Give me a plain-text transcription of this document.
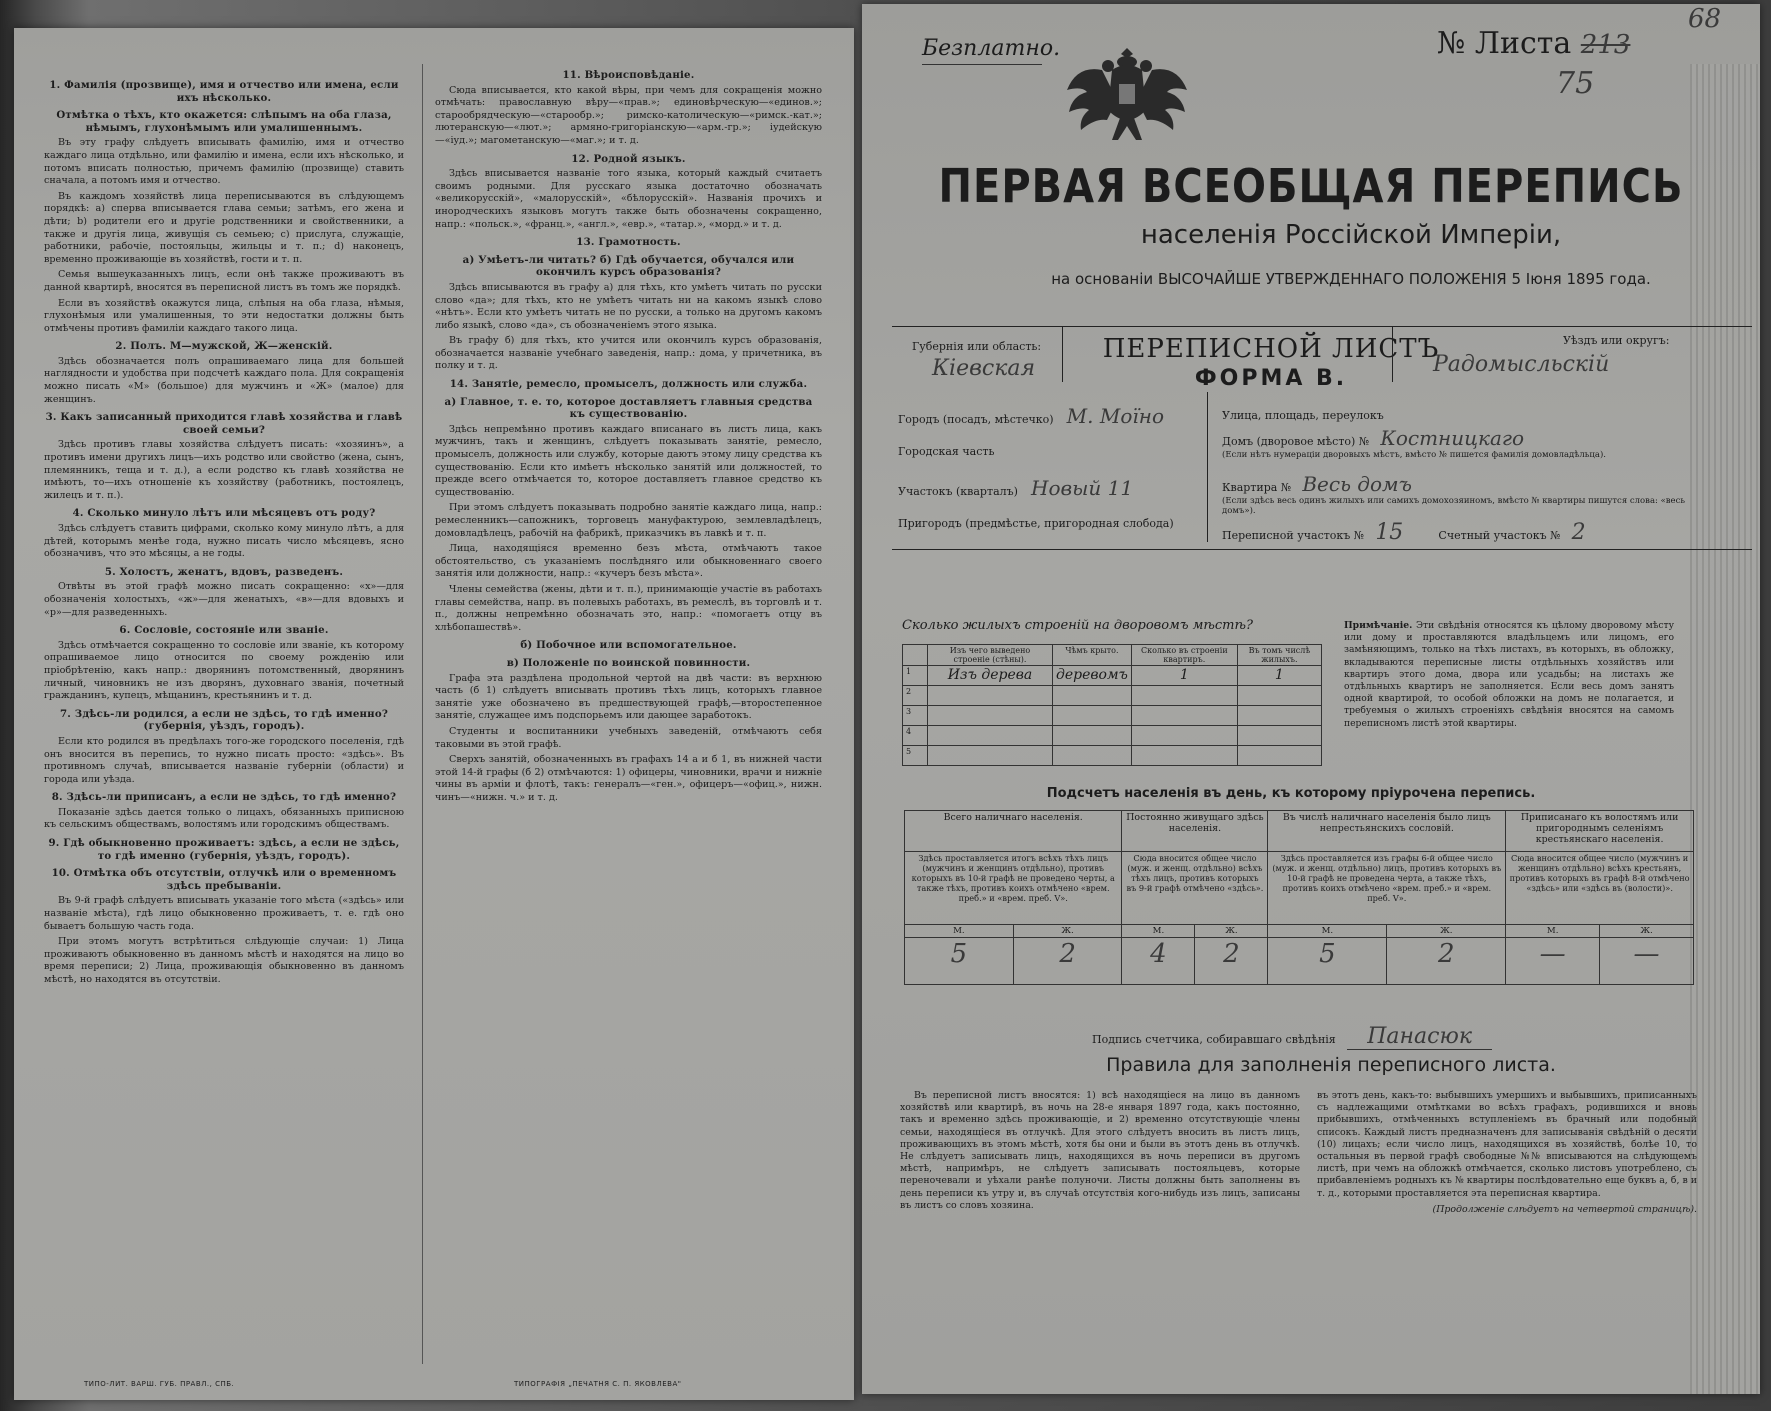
1. Фамилія (прозвище), имя и отчество или имена, если ихъ нѣсколько.
Отмѣтка о тѣхъ, кто окажется: слѣпымъ на оба глаза, нѣмымъ, глухонѣмымъ или умалишеннымъ.

Въ эту графу слѣдуетъ вписывать фамилію, имя и отчество каждаго лица отдѣльно, или фамилію и имена, если ихъ нѣсколько, и потомъ вписать полностью, причемъ фамилію (прозвище) ставить сначала, а потомъ имя и отчество.

Въ каждомъ хозяйствѣ лица переписываются въ слѣдующемъ порядкѣ: а) сперва вписывается глава семьи; затѣмъ, его жена и дѣти; b) родители его и другіе родственники и свойственники, а также и другія лица, живущія съ семьею; с) прислуга, служащіе, работники, рабочіе, постояльцы, жильцы и т. п.; d) наконецъ, временно проживающіе въ хозяйствѣ, гости и т. п.

Семья вышеуказанныхъ лицъ, если онѣ также проживаютъ въ данной квартирѣ, вносятся въ переписной листъ въ томъ же порядкѣ.

Если въ хозяйствѣ окажутся лица, слѣпыя на оба глаза, нѣмыя, глухонѣмыя или умалишенныя, то эти недостатки должны быть отмѣчены противъ фамиліи каждаго такого лица.

2. Полъ. М—мужской, Ж—женскій.

Здѣсь обозначается полъ опрашиваемаго лица для большей наглядности и удобства при подсчетѣ каждаго пола. Для сокращенія можно писать «М» (большое) для мужчинъ и «Ж» (малое) для женщинъ.

3. Какъ записанный приходится главѣ хозяйства и главѣ своей семьи?

Здѣсь противъ главы хозяйства слѣдуетъ писать: «хозяинъ», а противъ имени другихъ лицъ—ихъ родство или свойство (жена, сынъ, племянникъ, теща и т. д.), а если родство къ главѣ хозяйства не имѣютъ, то—ихъ отношеніе къ хозяйству (работникъ, постоялецъ, жилецъ и т. п.).

4. Сколько минуло лѣтъ или мѣсяцевъ отъ роду?

Здѣсь слѣдуетъ ставить цифрами, сколько кому минуло лѣтъ, а для дѣтей, которымъ менѣе года, нужно писать число мѣсяцевъ, ясно обозначивъ, что это мѣсяцы, а не годы.

5. Холостъ, женатъ, вдовъ, разведенъ.

Отвѣты въ этой графѣ можно писать сокращенно: «х»—для обозначенія холостыхъ, «ж»—для женатыхъ, «в»—для вдовыхъ и «р»—для разведенныхъ.

6. Сословіе, состояніе или званіе.

Здѣсь отмѣчается сокращенно то сословіе или званіе, къ которому опрашиваемое лицо относится по своему рожденію или пріобрѣтенію, какъ напр.: дворянинъ потомственный, дворянинъ личный, чиновникъ не изъ дворянъ, духовнаго званія, почетный гражданинъ, купецъ, мѣщанинъ, крестьянинъ и т. д.

7. Здѣсь-ли родился, а если не здѣсь, то гдѣ именно? (губернія, уѣздъ, городъ).

Если кто родился въ предѣлахъ того-же городского поселенія, гдѣ онъ вносится въ перепись, то нужно писать просто: «здѣсь». Въ противномъ случаѣ, вписывается названіе губерніи (области) и города или уѣзда.

8. Здѣсь-ли приписанъ, а если не здѣсь, то гдѣ именно?

Показаніе здѣсь дается только о лицахъ, обязанныхъ приписною къ сельскимъ обществамъ, волостямъ или городскимъ обществамъ.

9. Гдѣ обыкновенно проживаетъ: здѣсь, а если не здѣсь, то гдѣ именно (губернія, уѣздъ, городъ).
10. Отмѣтка объ отсутствіи, отлучкѣ или о временномъ здѣсь пребываніи.

Въ 9-й графѣ слѣдуетъ вписывать указаніе того мѣста («здѣсь» или названіе мѣста), гдѣ лицо обыкновенно проживаетъ, т. е. гдѣ оно бываетъ большую часть года.

При этомъ могутъ встрѣтиться слѣдующіе случаи: 1) Лица проживаютъ обыкновенно въ данномъ мѣстѣ и находятся на лицо во время переписи; 2) Лица, проживающія обыкновенно въ данномъ мѣстѣ, но находятся въ отсутствіи.

11. Вѣроисповѣданіе.

Сюда вписывается, кто какой вѣры, при чемъ для сокращенія можно отмѣчать: православную вѣру—«прав.»; единовѣрческую—«единов.»; старообрядческую—«старообр.»; римско-католическую—«римск.-кат.»; лютеранскую—«лют.»; армяно-григоріанскую—«арм.-гр.»; іудейскую—«іуд.»; магометанскую—«маг.»; и т. д.

12. Родной языкъ.

Здѣсь вписывается названіе того языка, который каждый считаетъ своимъ родными. Для русскаго языка достаточно обозначать «великорусскій», «малорусскій», «бѣлорусскій». Названія прочихъ и инородческихъ языковъ могутъ также быть обозначены сокращенно, напр.: «польск.», «франц.», «англ.», «евр.», «татар.», «морд.» и т. д.

13. Грамотность.
а) Умѣетъ-ли читать? б) Гдѣ обучается, обучался или окончилъ курсъ образованія?

Здѣсь вписываются въ графу а) для тѣхъ, кто умѣетъ читать по русски слово «да»; для тѣхъ, кто не умѣетъ читать ни на какомъ языкѣ слово «нѣтъ». Если кто умѣетъ читать не по русски, а только на другомъ какомъ либо языкѣ, слово «да», съ обозначеніемъ этого языка.

Въ графу б) для тѣхъ, кто учится или окончилъ курсъ образованія, обозначается названіе учебнаго заведенія, напр.: дома, у причетника, въ полку и т. д.

14. Занятіе, ремесло, промыселъ, должность или служба.
а) Главное, т. е. то, которое доставляетъ главныя средства къ существованію.

Здѣсь непремѣнно противъ каждаго вписанаго въ листъ лица, какъ мужчинъ, такъ и женщинъ, слѣдуетъ показывать занятіе, ремесло, промыселъ, должность или службу, которые даютъ этому лицу средства къ существованію. Если кто имѣетъ нѣсколько занятій или должностей, то прежде всего отмѣчается то, которое доставляетъ главное средство къ существованію.

При этомъ слѣдуетъ показывать подробно занятіе каждаго лица, напр.: ремесленникъ—сапожникъ, торговецъ мануфактурою, землевладѣлецъ, домовладѣлецъ, рабочій на фабрикѣ, приказчикъ въ лавкѣ и т. п.

Лица, находящіяся временно безъ мѣста, отмѣчаютъ такое обстоятельство, съ указаніемъ послѣдняго или обыкновеннаго своего занятія или должности, напр.: «кучеръ безъ мѣста».

Члены семейства (жены, дѣти и т. п.), принимающіе участіе въ работахъ главы семейства, напр. въ полевыхъ работахъ, въ ремеслѣ, въ торговлѣ и т. п., должны непремѣнно обозначать это, напр.: «помогаетъ отцу въ хлѣбопашествѣ».

б) Побочное или вспомогательное.
в) Положеніе по воинской повинности.

Графа эта раздѣлена продольной чертой на двѣ части: въ верхнюю часть (б 1) слѣдуетъ вписывать противъ тѣхъ лицъ, которыхъ главное занятіе уже обозначено въ предшествующей графѣ,—второстепенное занятіе, служащее имъ подспорьемъ или дающее заработокъ.

Студенты и воспитанники учебныхъ заведеній, отмѣчаютъ себя таковыми въ этой графѣ.

Сверхъ занятій, обозначенныхъ въ графахъ 14 а и б 1, въ нижней части этой 14-й графы (б 2) отмѣчаются: 1) офицеры, чиновники, врачи и нижніе чины въ армiи и флотѣ, такъ: генералъ—«ген.», офицеръ—«офиц.», нижн. чинъ—«нижн. ч.» и т. д.

ТИПО-ЛИТ. ВАРШ. ГУБ. ПРАВЛ., СПБ.	ТИПОГРАФІЯ „ПЕЧАТНЯ С. П. ЯКОВЛЕВА"
Безплатно.	№ Листа 213
75
68
ПЕРВАЯ ВСЕОБЩАЯ ПЕРЕПИСЬ
населенія Россійской Имперіи,
на основаніи ВЫСОЧАЙШЕ УТВЕРЖДЕННАГО ПОЛОЖЕНІЯ 5 Іюня 1895 года.
Губернія или область:
Кіевская
ПЕРЕПИСНОЙ ЛИСТЪ
ФОРМА В.
Уѣздъ или округъ:
Радомысльскій
Городъ (посадъ, мѣстечко) М. Моїно
Городская часть
Участокъ (кварталъ) Новый 11
Пригородъ (предмѣстье, пригородная слобода)
Улица, площадь, переулокъ
Домъ (дворовое мѣсто) № Костницкаго
(Если нѣтъ нумераціи дворовыхъ мѣстъ, вмѣсто № пишется фамилія домовладѣльца).
Квартира № Весь домъ
(Если здѣсь весь одинъ жилыхъ или самихъ домохозяиномъ, вмѣсто № квартиры пишутся слова: «весь домъ»).
Переписной участокъ № 15	Счетный участокъ № 2
Сколько жилыхъ строеній на дворовомъ мѣстѣ?
	Изъ чего выведено строеніе (стѣны).	Чѣмъ крыто.	Сколько въ строеніи квартиръ.	Въ томъ числѣ жилыхъ.
1	Изъ дерева	деревомъ	1	1
2				
3				
4				
5				
Примѣчаніе. Эти свѣдѣнія относятся къ цѣлому дворовому мѣсту или дому и проставляются владѣльцемъ или лицомъ, его замѣняющимъ, только на тѣхъ листахъ, въ которыхъ, въ обложку, вкладываются переписные листы отдѣльныхъ хозяйствъ или квартиръ этого дома, двора или усадьбы; на листахъ же отдѣльныхъ квартиръ не заполняется. Если весь домъ занятъ одной квартирой, то особой обложки на домъ не полагается, и требуемыя о жилыхъ строеніяхъ свѣдѣнія вносятся на самомъ переписномъ листѣ этой квартиры.
Подсчетъ населенія въ день, къ которому пріурочена перепись.
Всего наличнаго населенія.		Постоянно живущаго здѣсь населенія.		Въ числѣ наличнаго населенія было лицъ непрестьянскихъ сословій.		Приписанаго къ волостямъ или пригороднымъ селеніямъ крестьянскаго населенія.	
Здѣсь проставляется итогъ всѣхъ тѣхъ лицъ (мужчинъ и женщинъ отдѣльно), противъ которыхъ въ 10-й графѣ не проведено черты, а также тѣхъ, противъ коихъ отмѣчено «врем. преб.» и «врем. преб. V».		Сюда вносится общее число (муж. и женщ. отдѣльно) всѣхъ тѣхъ лицъ, противъ которыхъ въ 9-й графѣ отмѣчено «здѣсь».		Здѣсь проставляется изъ графы 6-й общее число (муж. и женщ. отдѣльно) лицъ, противъ которыхъ въ 10-й графѣ не проведена черта, а также тѣхъ, противъ коихъ отмѣчено «врем. преб.» и «врем. преб. V».		Сюда вносится общее число (мужчинъ и женщинъ отдѣльно) всѣхъ крестьянъ, противъ которыхъ въ графѣ 8-й отмѣчено «здѣсь» или «здѣсь въ (волости)».	
М.	Ж.	М.	Ж.	М.	Ж.	М.	Ж.
5	2	4	2	5	2	—	—
Подпись счетчика, собиравшаго свѣдѣнія Панасюк
Правила для заполненія переписного листа.
Въ переписной листъ вносятся: 1) всѣ находящіеся на лицо въ данномъ хозяйствѣ или квартирѣ, въ ночь на 28-е января 1897 года, какъ постоянно, такъ и временно здѣсь проживающіе, и 2) временно отсутствующіе члены семьи, находящіеся въ отлучкѣ. Для этого слѣдуетъ вносить въ листъ лицъ, проживающихъ въ этомъ мѣстѣ, хотя бы они и были въ этотъ день въ отлучкѣ. Не слѣдуетъ записывать лицъ, находящихся въ ночь переписи въ другомъ мѣстѣ, напримѣръ, не слѣдуетъ записывать постояльцевъ, которые переночевали и уѣхали ранѣе полуночи. Листы должны быть заполнены въ день переписи къ утру и, въ случаѣ отсутствія кого-нибудь изъ лицъ, записаны въ листъ со словъ хозяина.
въ этотъ день, какъ-то: выбывшихъ умершихъ и выбывшихъ, приписанныхъ съ надлежащими отмѣтками во всѣхъ графахъ, родившихся и вновь прибывшихъ, отмѣченныхъ вступленіемъ въ брачный или подобный списокъ. Каждый листъ предназначенъ для записыванія свѣдѣній о десяти (10) лицахъ; если число лицъ, находящихся въ хозяйствѣ, болѣе 10, то остальныя въ первой графѣ свободные №№ вписываются на слѣдующемъ листѣ, при чемъ на обложкѣ отмѣчается, сколько листовъ употреблено, съ прибавленіемъ родныхъ къ № квартиры послѣдовательно еще буквъ а, б, в и т. д., которыми проставляется эта переписная квартира.
(Продолженіе слѣдуетъ на четвертой страницѣ).
